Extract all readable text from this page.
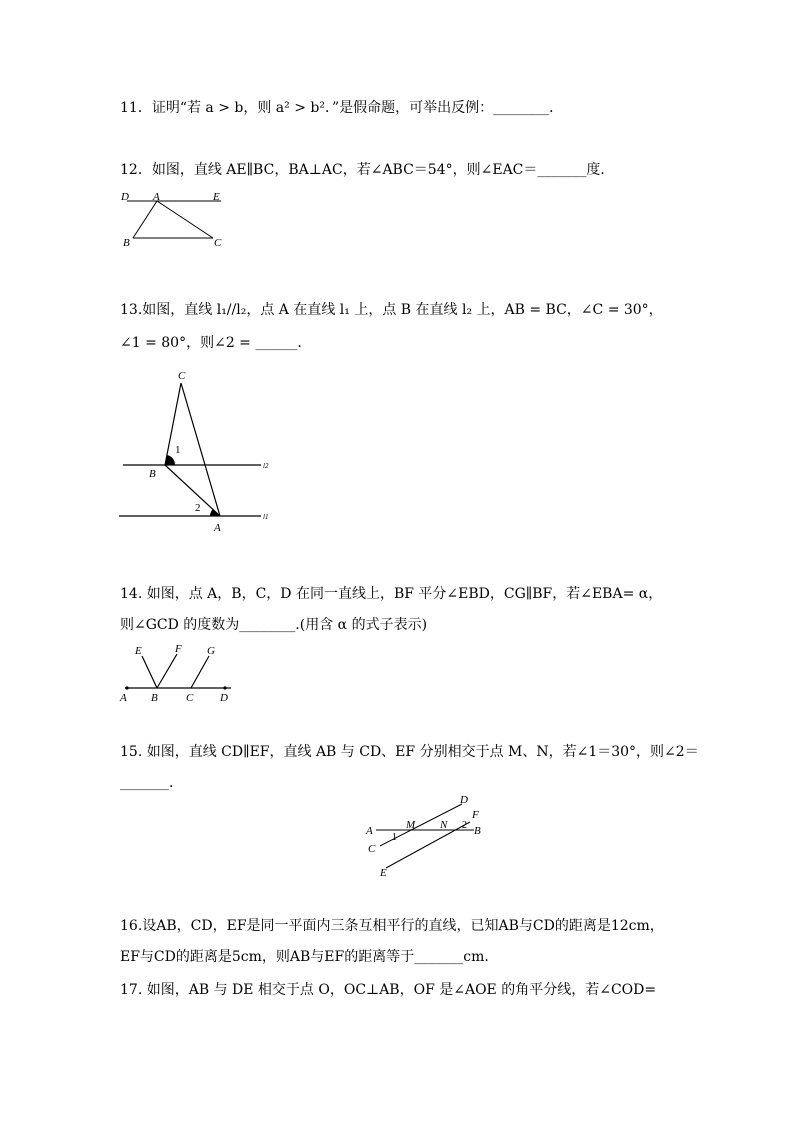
11．证明“若 a > b，则 a² > b²．”是假命题，可举出反例：________．
12．如图，直线 AE∥BC，BA⊥AC，若∠ABC＝54°，则∠EAC＝_______度．
D A	E
B	C
13.如图，直线 l₁//l₂，点 A 在直线 l₁ 上，点 B 在直线 l₂ 上，AB = BC，∠C = 30°，
∠1 = 80°，则∠2 = ______．
C
1
B
l2
2
A
l1
14. 如图，点 A，B，C，D 在同一直线上，BF 平分∠EBD，CG∥BF，若∠EBA= α，
则∠GCD 的度数为________.(用含 α 的式子表示)
E	F G
A B	C D
15. 如图，直线 CD∥EF，直线 AB 与 CD、EF 分别相交于点 M、N，若∠1＝30°，则∠2＝
_______．
D
F
A	M N B
1
2
C
E
16.设AB，CD，EF是同一平面内三条互相平行的直线，已知AB与CD的距离是12cm，
EF与CD的距离是5cm，则AB与EF的距离等于_______cm.
17. 如图，AB 与 DE 相交于点 O，OC⊥AB，OF 是∠AOE 的角平分线，若∠COD=
